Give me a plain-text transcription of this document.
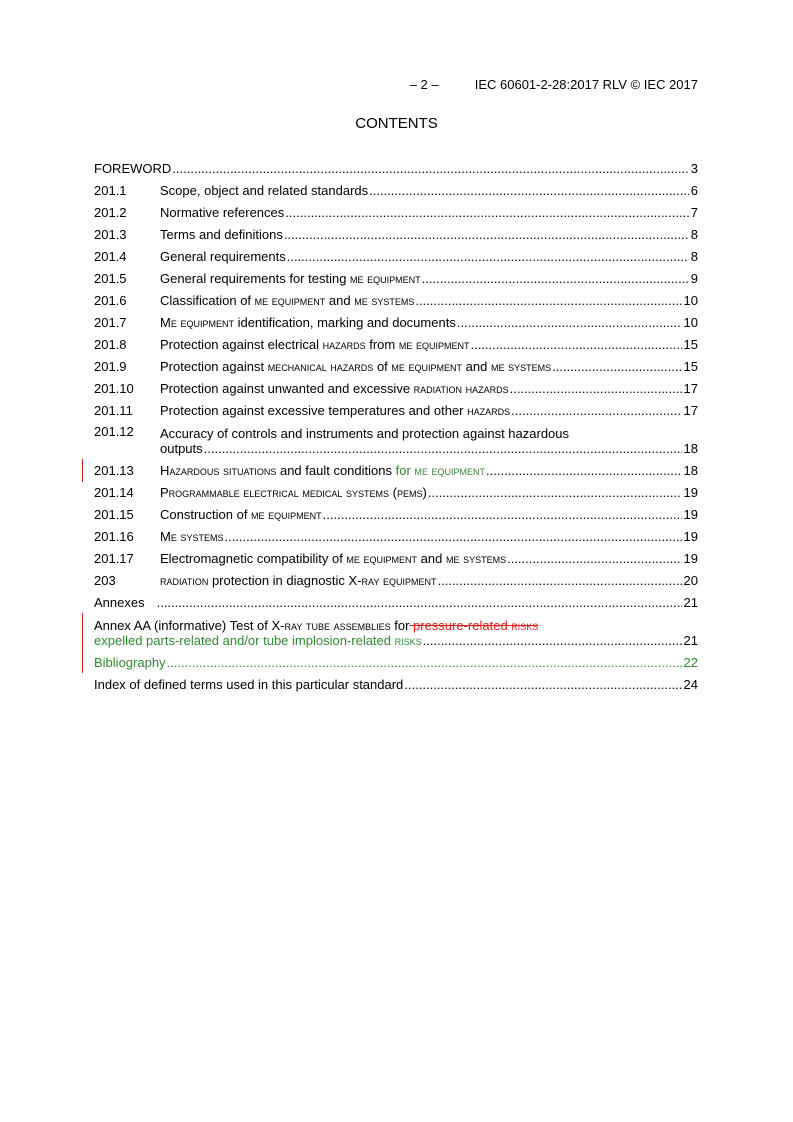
– 2 –	IEC 60601-2-28:2017 RLV © IEC 2017
CONTENTS
FOREWORD .....	3
201.1	Scope, object and related standards .....	6
201.2	Normative references .....	7
201.3	Terms and definitions .....	8
201.4	General requirements .....	8
201.5	General requirements for testing me equipment .....	9
201.6	Classification of me equipment and me systems .....	10
201.7	Me equipment identification, marking and documents .....	10
201.8	Protection against electrical hazards from me equipment .....	15
201.9	Protection against mechanical hazards of me equipment and me systems .....	15
201.10	Protection against unwanted and excessive radiation hazards .....	17
201.11	Protection against excessive temperatures and other hazards .....	17
201.12	Accuracy of controls and instruments and protection against hazardous
outputs .....	18
201.13	Hazardous situations and fault conditions for me equipment .....	18
201.14	Programmable electrical medical systems (pems) .....	19
201.15	Construction of me equipment .....	19
201.16	Me systems .....	19
201.17	Electromagnetic compatibility of me equipment and me systems .....	19
203	radiation protection in diagnostic X-ray equipment .....	20
Annexes .....	21
Annex AA (informative) Test of X-ray tube assemblies for pressure-related risks
expelled parts-related and/or tube implosion-related risks .....	21
Bibliography .....	22
Index of defined terms used in this particular standard .....	24
